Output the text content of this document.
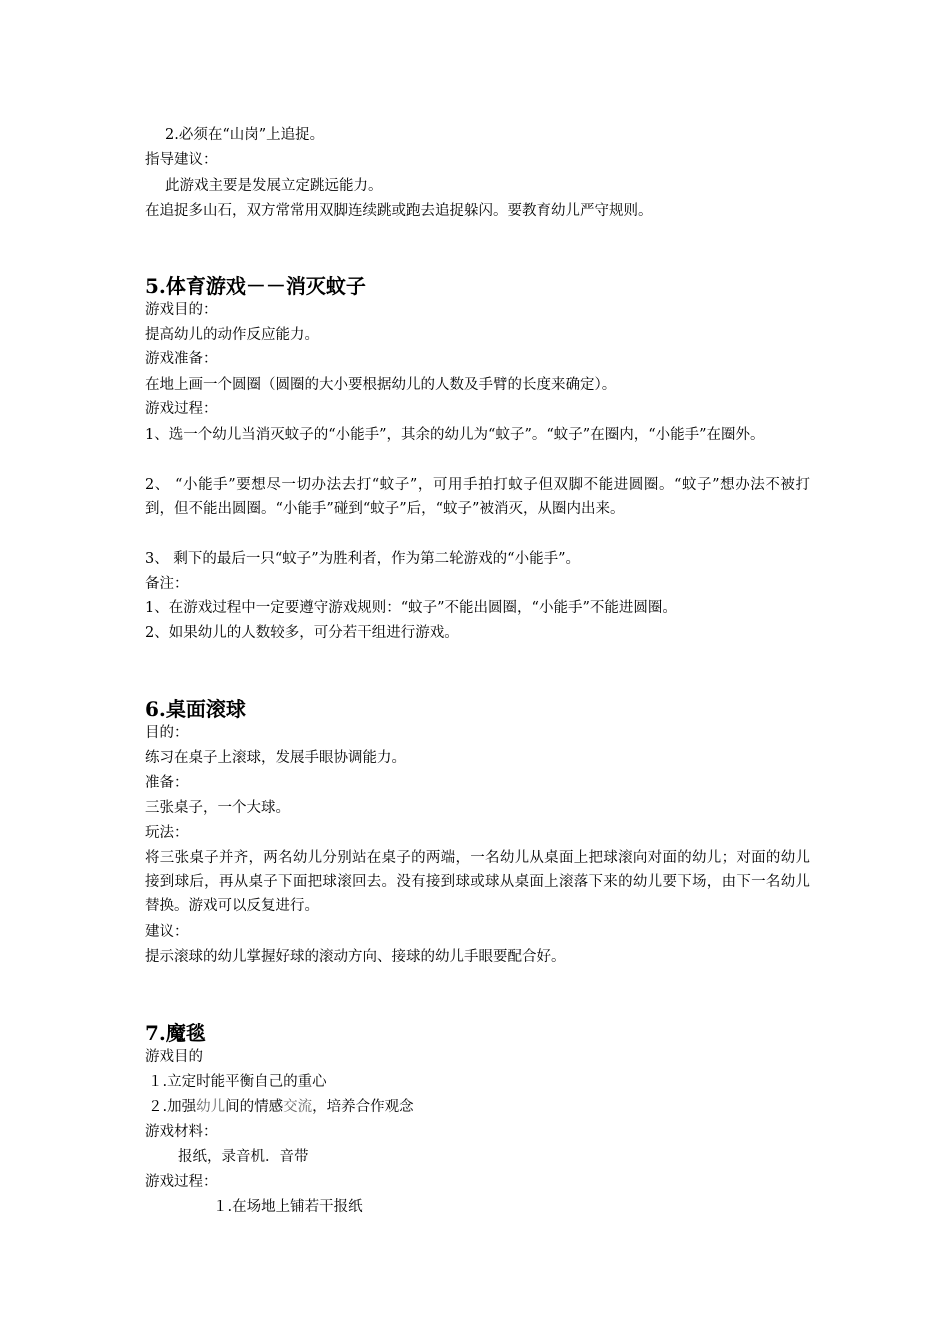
2.必须在“山岗”上追捉。
指导建议：
此游戏主要是发展立定跳远能力。
在追捉多山石，双方常常用双脚连续跳或跑去追捉躲闪。要教育幼儿严守规则。
5.体育游戏－－消灭蚊子
游戏目的：
提高幼儿的动作反应能力。
游戏准备：
在地上画一个圆圈（圆圈的大小要根据幼儿的人数及手臂的长度来确定）。
游戏过程：
1、选一个幼儿当消灭蚊子的“小能手”，其余的幼儿为“蚊子”。“蚊子”在圈内，“小能手”在圈外。
2、 “小能手”要想尽一切办法去打“蚊子”，可用手拍打蚊子但双脚不能进圆圈。“蚊子”想办法不被打到，但不能出圆圈。“小能手”碰到“蚊子”后，“蚊子”被消灭，从圈内出来。
3、 剩下的最后一只“蚊子”为胜利者，作为第二轮游戏的“小能手”。
备注：
1、在游戏过程中一定要遵守游戏规则：“蚊子”不能出圆圈，“小能手”不能进圆圈。
2、如果幼儿的人数较多，可分若干组进行游戏。
6.桌面滚球
目的：
练习在桌子上滚球，发展手眼协调能力。
准备：
三张桌子，一个大球。
玩法：
将三张桌子并齐，两名幼儿分别站在桌子的两端，一名幼儿从桌面上把球滚向对面的幼儿；对面的幼儿接到球后，再从桌子下面把球滚回去。没有接到球或球从桌面上滚落下来的幼儿要下场，由下一名幼儿替换。游戏可以反复进行。
建议：
提示滚球的幼儿掌握好球的滚动方向、接球的幼儿手眼要配合好。
7.魔毯
游戏目的
１.立定时能平衡自己的重心
２.加强幼儿间的情感交流，培养合作观念
游戏材料：
报纸，录音机．音带
游戏过程：
１.在场地上铺若干报纸
